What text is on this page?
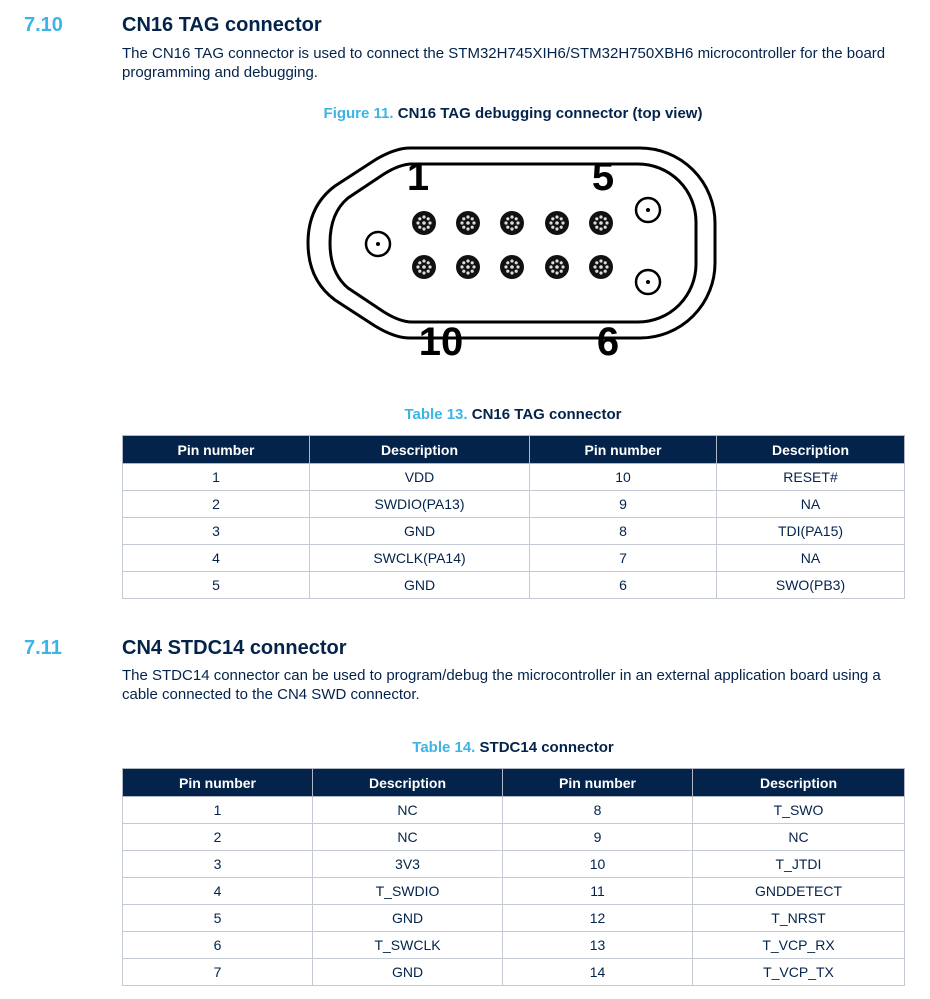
7.10	CN16 TAG connector
The CN16 TAG connector is used to connect the STM32H745XIH6/STM32H750XBH6 microcontroller for the board programming and debugging.
Figure 11. CN16 TAG debugging connector (top view)
1	5
10	6
Table 13. CN16 TAG connector
Pin number	Description	Pin number	Description
1	VDD	10	RESET#
2	SWDIO(PA13)	9	NA
3	GND	8	TDI(PA15)
4	SWCLK(PA14)	7	NA
5	GND	6	SWO(PB3)
7.11	CN4 STDC14 connector
The STDC14 connector can be used to program/debug the microcontroller in an external application board using a cable connected to the CN4 SWD connector.
Table 14. STDC14 connector
Pin number	Description	Pin number	Description
1	NC	8	T_SWO
2	NC	9	NC
3	3V3	10	T_JTDI
4	T_SWDIO	11	GNDDETECT
5	GND	12	T_NRST
6	T_SWCLK	13	T_VCP_RX
7	GND	14	T_VCP_TX
